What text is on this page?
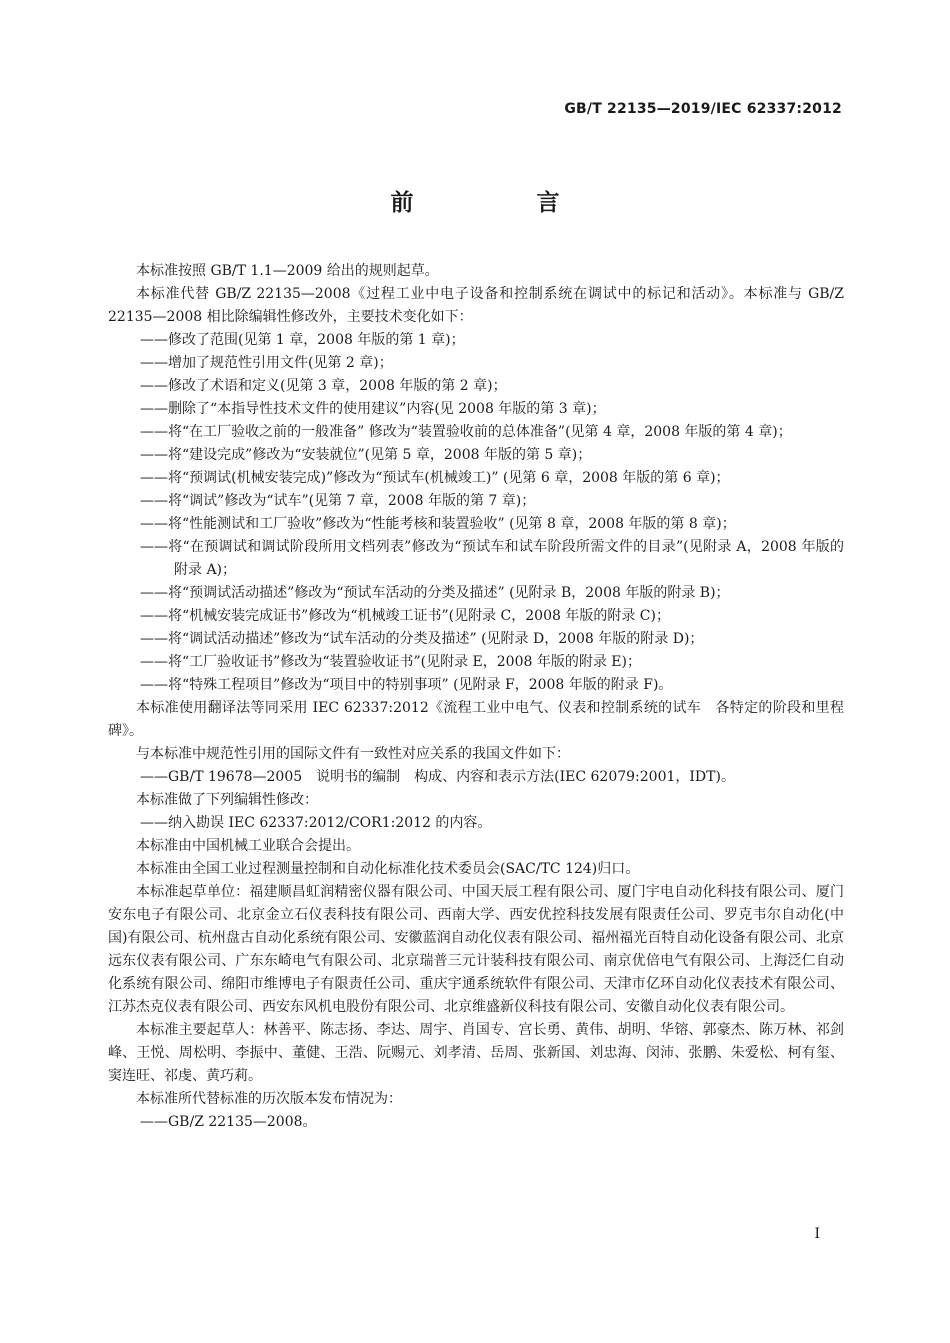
GB/T 22135—2019/IEC 62337:2012
前　言

本标准按照 GB/T 1.1—2009 给出的规则起草。

本标准代替 GB/Z 22135—2008《过程工业中电子设备和控制系统在调试中的标记和活动》。本标准与 GB/Z 22135—2008 相比除编辑性修改外，主要技术变化如下：

——修改了范围(见第 1 章，2008 年版的第 1 章)；

——增加了规范性引用文件(见第 2 章)；

——修改了术语和定义(见第 3 章，2008 年版的第 2 章)；

——删除了“本指导性技术文件的使用建议”内容(见 2008 年版的第 3 章)；

——将“在工厂验收之前的一般准备” 修改为“装置验收前的总体准备”(见第 4 章，2008 年版的第 4 章)；

——将“建设完成”修改为“安装就位”(见第 5 章，2008 年版的第 5 章)；

——将“预调试(机械安装完成)”修改为“预试车(机械竣工)” (见第 6 章，2008 年版的第 6 章)；

——将“调试”修改为“试车”(见第 7 章，2008 年版的第 7 章)；

——将“性能测试和工厂验收”修改为“性能考核和装置验收” (见第 8 章，2008 年版的第 8 章)；

——将“在预调试和调试阶段所用文档列表”修改为“预试车和试车阶段所需文件的目录”(见附录 A，2008 年版的附录 A)；

——将“预调试活动描述”修改为“预试车活动的分类及描述” (见附录 B，2008 年版的附录 B)；

——将“机械安装完成证书”修改为“机械竣工证书”(见附录 C，2008 年版的附录 C)；

——将“调试活动描述”修改为“试车活动的分类及描述” (见附录 D，2008 年版的附录 D)；

——将“工厂验收证书”修改为“装置验收证书”(见附录 E，2008 年版的附录 E)；

——将“特殊工程项目”修改为“项目中的特别事项” (见附录 F，2008 年版的附录 F)。

本标准使用翻译法等同采用 IEC 62337:2012《流程工业中电气、仪表和控制系统的试车　各特定的阶段和里程碑》。

与本标准中规范性引用的国际文件有一致性对应关系的我国文件如下：

——GB/T 19678—2005　说明书的编制　构成、内容和表示方法(IEC 62079:2001，IDT)。

本标准做了下列编辑性修改：

——纳入勘误 IEC 62337:2012/COR1:2012 的内容。

本标准由中国机械工业联合会提出。

本标准由全国工业过程测量控制和自动化标准化技术委员会(SAC/TC 124)归口。

本标准起草单位：福建顺昌虹润精密仪器有限公司、中国天辰工程有限公司、厦门宇电自动化科技有限公司、厦门安东电子有限公司、北京金立石仪表科技有限公司、西南大学、西安优控科技发展有限责任公司、罗克韦尔自动化(中国)有限公司、杭州盘古自动化系统有限公司、安徽蓝润自动化仪表有限公司、福州福光百特自动化设备有限公司、北京远东仪表有限公司、广东东崎电气有限公司、北京瑞普三元计装科技有限公司、南京优倍电气有限公司、上海泛仁自动化系统有限公司、绵阳市维博电子有限责任公司、重庆宇通系统软件有限公司、天津市亿环自动化仪表技术有限公司、江苏杰克仪表有限公司、西安东风机电股份有限公司、北京维盛新仪科技有限公司、安徽自动化仪表有限公司。

本标准主要起草人：林善平、陈志扬、李达、周宇、肖国专、宫长勇、黄伟、胡明、华镕、郭豪杰、陈万林、祁剑峰、王悦、周松明、李振中、董健、王浩、阮赐元、刘孝清、岳周、张新国、刘忠海、闵沛、张鹏、朱爱松、柯有玺、窦连旺、祁虔、黄巧莉。

本标准所代替标准的历次版本发布情况为：

——GB/Z 22135—2008。

I
